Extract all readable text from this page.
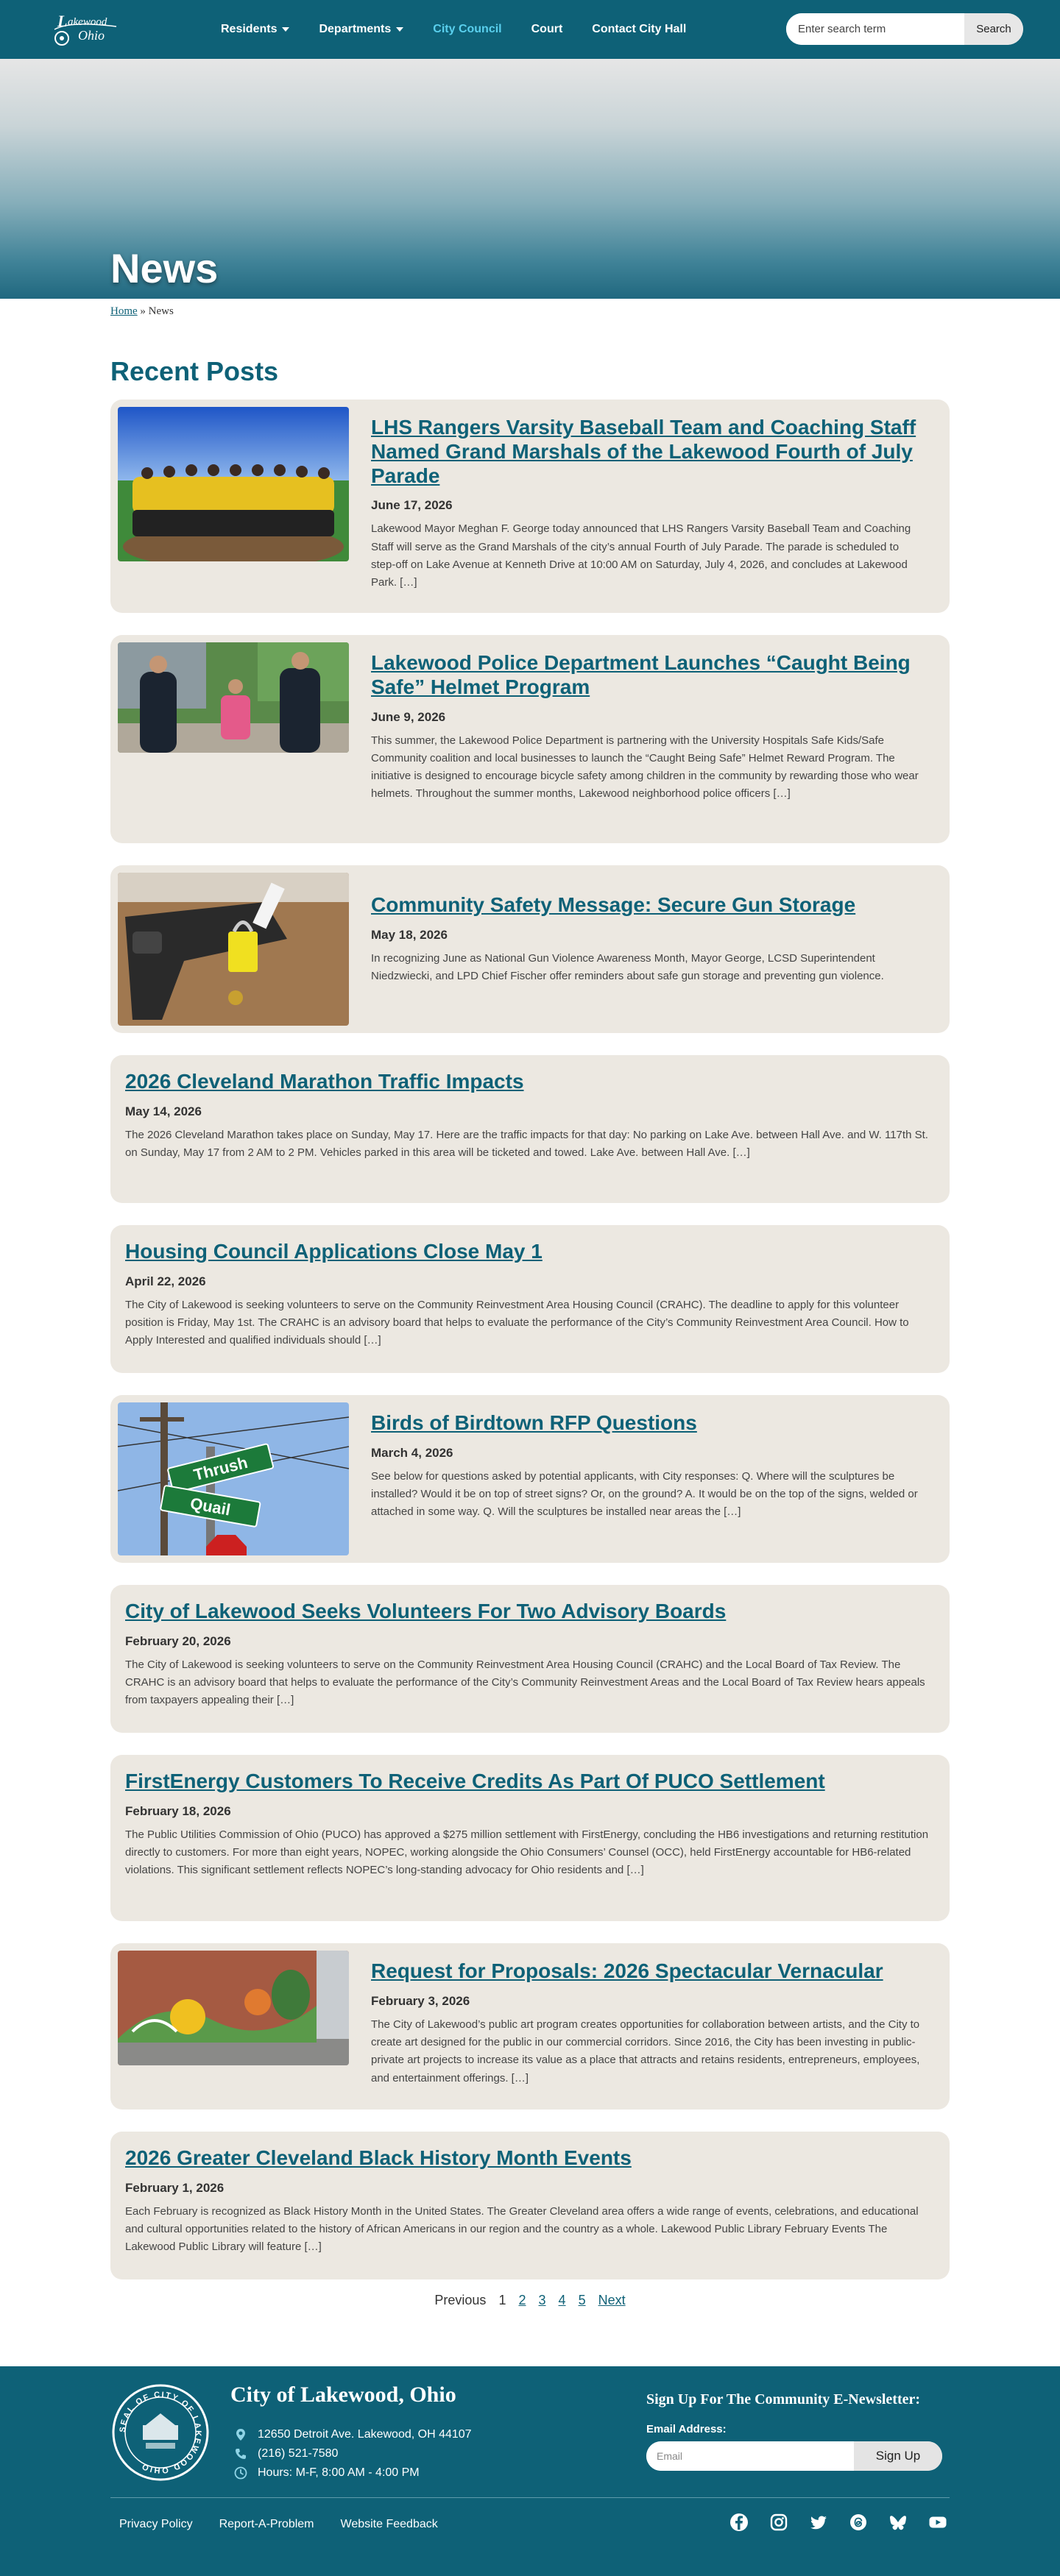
L akewood
Ohio	Residents	Departments	City Council	Court	Contact City Hall
Enter search term	Search
News
Home » News
Recent Posts
LHS Rangers Varsity Baseball Team and Coaching Staff Named Grand Marshals of the Lakewood Fourth of July Parade
June 17, 2026

Lakewood Mayor Meghan F. George today announced that LHS Rangers Varsity Baseball Team and Coaching Staff will serve as the Grand Marshals of the city’s annual Fourth of July Parade. The parade is scheduled to step-off on Lake Avenue at Kenneth Drive at 10:00 AM on Saturday, July 4, 2026, and concludes at Lakewood Park. […]

Lakewood Police Department Launches “Caught Being Safe” Helmet Program
June 9, 2026

This summer, the Lakewood Police Department is partnering with the University Hospitals Safe Kids/Safe Community coalition and local businesses to launch the “Caught Being Safe” Helmet Reward Program. The initiative is designed to encourage bicycle safety among children in the community by rewarding those who wear helmets. Throughout the summer months, Lakewood neighborhood police officers […]

Community Safety Message: Secure Gun Storage
May 18, 2026

In recognizing June as National Gun Violence Awareness Month, Mayor George, LCSD Superintendent Niedzwiecki, and LPD Chief Fischer offer reminders about safe gun storage and preventing gun violence.

2026 Cleveland Marathon Traffic Impacts
May 14, 2026

The 2026 Cleveland Marathon takes place on Sunday, May 17. Here are the traffic impacts for that day: No parking on Lake Ave. between Hall Ave. and W. 117th St. on Sunday, May 17 from 2 AM to 2 PM. Vehicles parked in this area will be ticketed and towed. Lake Ave. between Hall Ave. […]

Housing Council Applications Close May 1
April 22, 2026

The City of Lakewood is seeking volunteers to serve on the Community Reinvestment Area Housing Council (CRAHC). The deadline to apply for this volunteer position is Friday, May 1st. The CRAHC is an advisory board that helps to evaluate the performance of the City’s Community Reinvestment Area Council. How to Apply Interested and qualified individuals should […]

Thrush
Quail
Birds of Birdtown RFP Questions
March 4, 2026

See below for questions asked by potential applicants, with City responses: Q. Where will the sculptures be installed? Would it be on top of street signs? Or, on the ground? A. It would be on the top of the signs, welded or attached in some way. Q. Will the sculptures be installed near areas the […]

City of Lakewood Seeks Volunteers For Two Advisory Boards
February 20, 2026

The City of Lakewood is seeking volunteers to serve on the Community Reinvestment Area Housing Council (CRAHC) and the Local Board of Tax Review. The CRAHC is an advisory board that helps to evaluate the performance of the City’s Community Reinvestment Areas and the Local Board of Tax Review hears appeals from taxpayers appealing their […]

FirstEnergy Customers To Receive Credits As Part Of PUCO Settlement
February 18, 2026

The Public Utilities Commission of Ohio (PUCO) has approved a $275 million settlement with FirstEnergy, concluding the HB6 investigations and returning restitution directly to customers. For more than eight years, NOPEC, working alongside the Ohio Consumers’ Counsel (OCC), held FirstEnergy accountable for HB6-related violations. This significant settlement reflects NOPEC’s long-standing advocacy for Ohio residents and […]

Request for Proposals: 2026 Spectacular Vernacular
February 3, 2026

The City of Lakewood’s public art program creates opportunities for collaboration between artists, and the City to create art designed for the public in our commercial corridors. Since 2016, the City has been investing in public-private art projects to increase its value as a place that attracts and retains residents, entrepreneurs, employees, and entertainment offerings. […]

2026 Greater Cleveland Black History Month Events
February 1, 2026

Each February is recognized as Black History Month in the United States. The Greater Cleveland area offers a wide range of events, celebrations, and educational and cultural opportunities related to the history of African Americans in our region and the country as a whole. Lakewood Public Library February Events The Lakewood Public Library will feature […]

Previous 1 2 3 4 5 Next
SEAL OF CITY OF LAKEWOOD OHIO
City of Lakewood, Ohio
12650 Detroit Ave. Lakewood, OH 44107
(216) 521-7580
Hours: M-F, 8:00 AM - 4:00 PM
Sign Up For The Community E-Newsletter:
Email Address:
Email
Sign Up
Privacy Policy Report-A-Problem Website Feedback
